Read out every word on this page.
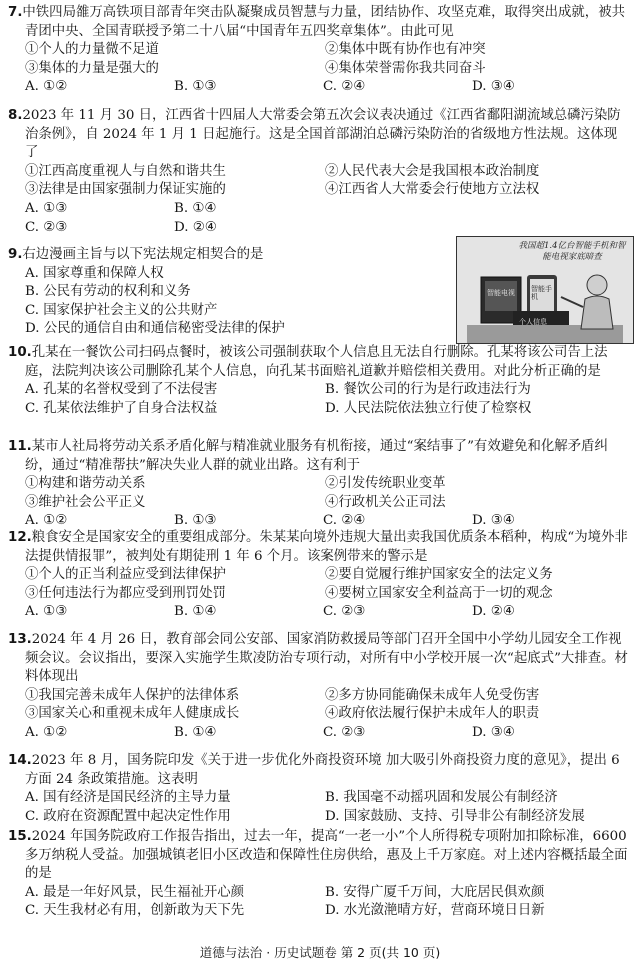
7.中铁四局雒万高铁项目部青年突击队凝聚成员智慧与力量，团结协作、攻坚克难，取得突出成就，被共青团中央、全国青联授予第二十八届“中国青年五四奖章集体”。由此可见

①个人的力量微不足道	②集体中既有协作也有冲突
③集体的力量是强大的	④集体荣誉需你我共同奋斗
A. ①②	B. ①③	C. ②④	D. ③④

8.2023 年 11 月 30 日，江西省十四届人大常委会第五次会议表决通过《江西省鄱阳湖流域总磷污染防治条例》，自 2024 年 1 月 1 日起施行。这是全国首部湖泊总磷污染防治的省级地方性法规。这体现了

①江西高度重视人与自然和谐共生	②人民代表大会是我国根本政治制度
③法律是由国家强制力保证实施的	④江西省人大常委会行使地方立法权
A. ①③	B. ①④
C. ②③	D. ②④
我国超1.4亿台智能手机和智能电视家底暗查
智能电视 智能手机
个人信息

9.右边漫画主旨与以下宪法规定相契合的是

A. 国家尊重和保障人权
B. 公民有劳动的权利和义务
C. 国家保护社会主义的公共财产
D. 公民的通信自由和通信秘密受法律的保护

10.孔某在一餐饮公司扫码点餐时，被该公司强制获取个人信息且无法自行删除。孔某将该公司告上法庭，法院判决该公司删除孔某个人信息，向孔某书面赔礼道歉并赔偿相关费用。对此分析正确的是

A. 孔某的名誉权受到了不法侵害	B. 餐饮公司的行为是行政违法行为
C. 孔某依法维护了自身合法权益	D. 人民法院依法独立行使了检察权

11.某市人社局将劳动关系矛盾化解与精准就业服务有机衔接，通过“案结事了”有效避免和化解矛盾纠纷，通过“精准帮扶”解决失业人群的就业出路。这有利于

①构建和谐劳动关系	②引发传统职业变革
③维护社会公平正义	④行政机关公正司法
A. ①②	B. ①③	C. ②④	D. ③④

12.粮食安全是国家安全的重要组成部分。朱某某向境外违规大量出卖我国优质条本稻种，构成“为境外非法提供情报罪”，被判处有期徒刑 1 年 6 个月。该案例带来的警示是

①个人的正当利益应受到法律保护	②要自觉履行维护国家安全的法定义务
③任何违法行为都应受到刑罚处罚	④要树立国家安全利益高于一切的观念
A. ①③	B. ①④	C. ②③	D. ②④

13.2024 年 4 月 26 日，教育部会同公安部、国家消防救援局等部门召开全国中小学幼儿园安全工作视频会议。会议指出，要深入实施学生欺凌防治专项行动，对所有中小学校开展一次“起底式”大排查。材料体现出

①我国完善未成年人保护的法律体系	②多方协同能确保未成年人免受伤害
③国家关心和重视未成年人健康成长	④政府依法履行保护未成年人的职责
A. ①②	B. ①④	C. ②③	D. ③④

14.2023 年 8 月，国务院印发《关于进一步优化外商投资环境 加大吸引外商投资力度的意见》，提出 6 方面 24 条政策措施。这表明

A. 国有经济是国民经济的主导力量	B. 我国毫不动摇巩固和发展公有制经济
C. 政府在资源配置中起决定性作用	D. 国家鼓励、支持、引导非公有制经济发展

15.2024 年国务院政府工作报告指出，过去一年，提高“一老一小”个人所得税专项附加扣除标准，6600 多万纳税人受益。加强城镇老旧小区改造和保障性住房供给，惠及上千万家庭。对上述内容概括最全面的是

A. 最是一年好风景，民生福祉开心颜	B. 安得广厦千万间，大庇居民俱欢颜
C. 天生我材必有用，创新敢为天下先	D. 水光潋滟晴方好，营商环境日日新
道德与法治 · 历史试题卷 第 2 页(共 10 页)
